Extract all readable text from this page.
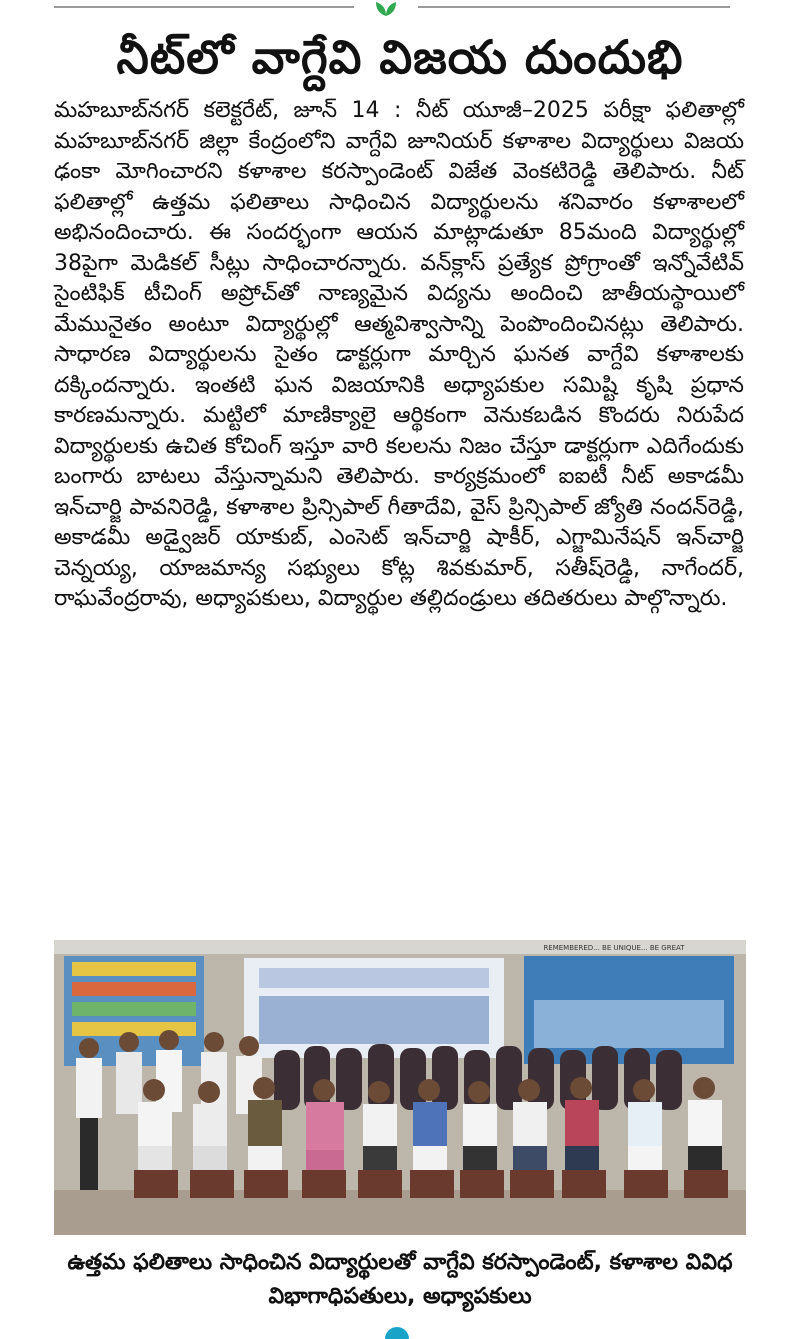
నీట్‌లో వాగ్దేవి విజయ దుందుభి

మహబూబ్‌నగర్ కలెక్టరేట్, జూన్ 14 : నీట్ యూజీ–2025 పరీక్షా ఫలితాల్లో మహబూబ్‌నగర్ జిల్లా కేంద్రంలోని వాగ్దేవి జూనియర్ కళాశాల విద్యార్థులు విజయ ఢంకా మోగించారని కళాశాల కరస్పాండెంట్ విజేత వెంకటిరెడ్డి తెలిపారు. నీట్ ఫలితాల్లో ఉత్తమ ఫలితాలు సాధించిన విద్యార్థులను శనివారం కళాశాలలో అభినందించారు. ఈ సందర్భంగా ఆయన మాట్లాడుతూ 85మంది విద్యార్థుల్లో 38పైగా మెడికల్ సీట్లు సాధించారన్నారు. వన్‌క్లాస్ ప్రత్యేక ప్రోగ్రాంతో ఇన్నోవేటివ్ సైంటిఫిక్ టీచింగ్ అప్రోచ్‌తో నాణ్యమైన విద్యను అందించి జాతీయస్థాయిలో మేమునైతం అంటూ విద్యార్థుల్లో ఆత్మవిశ్వాసాన్ని పెంపొందించినట్లు తెలిపారు. సాధారణ విద్యార్థులను సైతం డాక్టర్లుగా మార్చిన ఘనత వాగ్దేవి కళాశాలకు దక్కిందన్నారు. ఇంతటి ఘన విజయానికి అధ్యాపకుల సమిష్టి కృషి ప్రధాన కారణమన్నారు. మట్టిలో మాణిక్యాలై ఆర్థికంగా వెనుకబడిన కొందరు నిరుపేద విద్యార్థులకు ఉచిత కోచింగ్ ఇస్తూ వారి కలలను నిజం చేస్తూ డాక్టర్లుగా ఎదిగేందుకు బంగారు బాటలు వేస్తున్నామని తెలిపారు. కార్యక్రమంలో ఐఐటీ నీట్ అకాడమీ ఇన్‌చార్జి పావనిరెడ్డి, కళాశాల ప్రిన్సిపాల్ గీతాదేవి, వైస్ ప్రిన్సిపాల్ జ్యోతి నందన్‌రెడ్డి, అకాడమీ అడ్వైజర్ యాకుబ్, ఎంసెట్ ఇన్‌చార్జి షాకీర్, ఎగ్జామినేషన్ ఇన్‌చార్జి చెన్నయ్య, యాజమాన్య సభ్యులు కోట్ల శివకుమార్, సతీష్‌రెడ్డి, నాగేందర్, రాఘవేంద్రరావు, అధ్యాపకులు, విద్యార్థుల తల్లిదండ్రులు తదితరులు పాల్గొన్నారు.

REMEMBERED... BE UNIQUE... BE GREAT

ఉత్తమ ఫలితాలు సాధించిన విద్యార్థులతో వాగ్దేవి కరస్పాండెంట్, కళాశాల వివిధ విభాగాధిపతులు, అధ్యాపకులు
